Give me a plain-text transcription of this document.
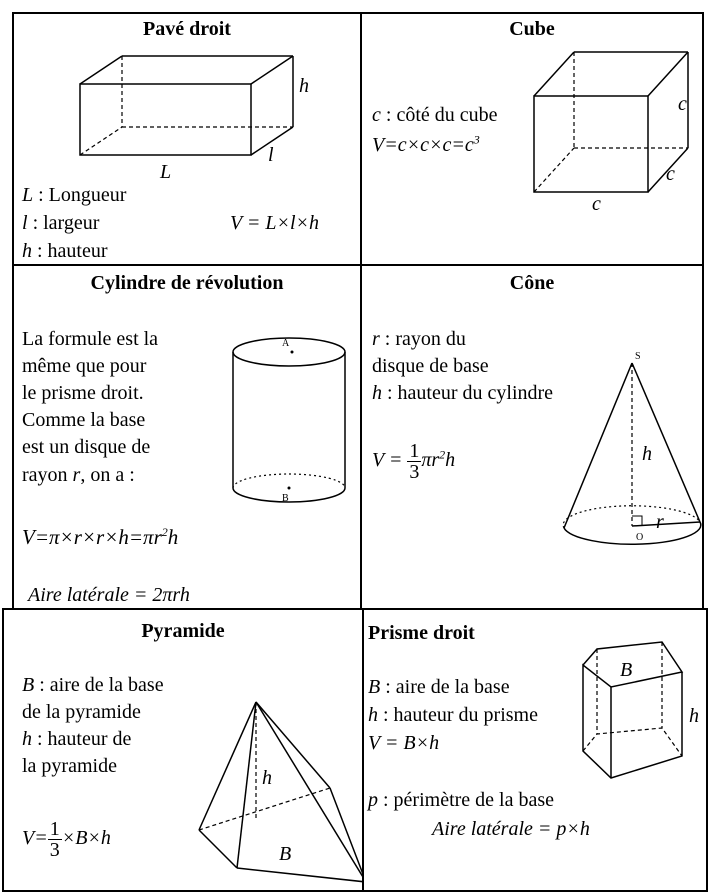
Pavé droit
L
l
h
L : Longueur
l : largeur
h : hauteur
V = L×l×h
Cube
c : côté du cube
$V=c\times c\times c=c^3$
c
c
c
Cylindre de révolution
La formule est la
même que pour
le prisme droit.
Comme la base
est un disque de
rayon r, on a :
A
B
$V=\pi\times r\times r\times h=\pi r^2h$
Aire latérale = 2πrh
Cône
r : rayon du
disque de base
h : hauteur du cylindre
$V = \frac{1}{3} \pi r^2h$
S
O
h
r
Pyramide
B : aire de la base
de la pyramide
h : hauteur de
la pyramide
$V= \frac{1}{3} \times B\times h$
h
B
Prisme droit
B : aire de la base
h : hauteur du prisme
V = B×h
p : périmètre de la base
Aire latérale = p×h
B
h
